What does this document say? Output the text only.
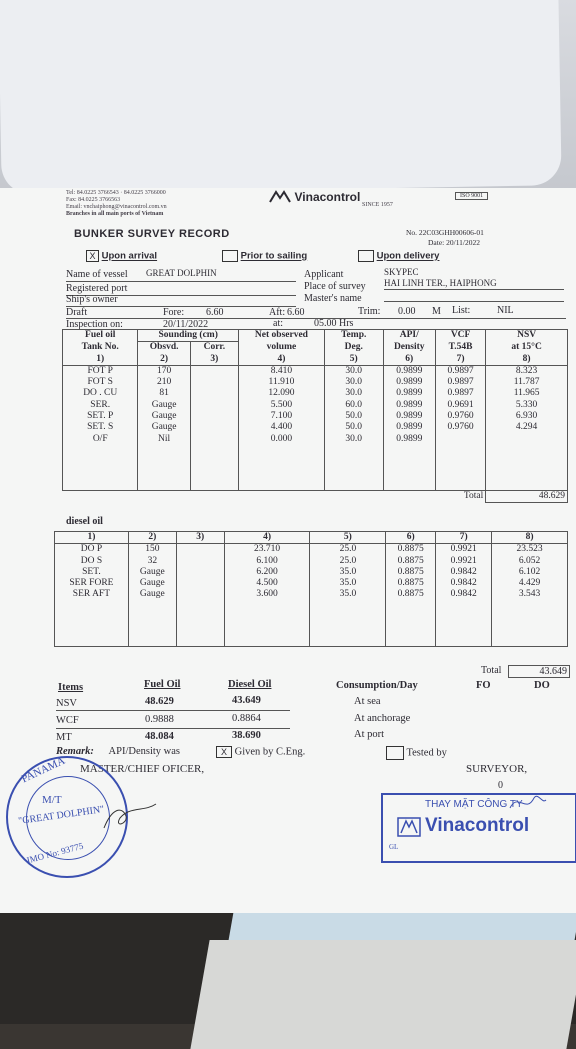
Tel: 84.0225 3766543 · 84.0225 3766000
Fax: 84.0225 3766563
Email: vnchaiphong@vinacontrol.com.vn
Branches in all main ports of Vietnam
Vinacontrol
SINCE 1957
ISO 9001
BUNKER SURVEY RECORD	No. 22C03GHH00606-01
Date: 20/11/2022
X Upon arrival	Prior to sailing	Upon delivery
Name of vessel GREAT DOLPHIN
Registered port
Ship's owner
Draft	Fore: 6.60	Aft: 6.60	Trim: 0.00 M List:	NIL
Inspection on:	20/11/2022	at:	05.00 Hrs
Applicant	SKYPEC
Place of survey HAI LINH TER., HAIPHONG
Master's name
Fuel oil	Sounding (cm)		Net observed	Temp.	API/	VCF	NSV
Tank No.	Obsvd.	Corr.	volume	Deg.	Density	T.54B	at 15°C
1)	2)	3)	4)	5)	6)	7)	8)
FOT P	170		8.410	30.0	0.9899	0.9897	8.323
FOT S	210		11.910	30.0	0.9899	0.9897	11.787
DO . CU	81		12.090	30.0	0.9899	0.9897	11.965
SER.	Gauge		5.500	60.0	0.9899	0.9691	5.330
SET. P	Gauge		7.100	50.0	0.9899	0.9760	6.930
SET. S	Gauge		4.400	50.0	0.9899	0.9760	4.294
O/F	Nil		0.000	30.0	0.9899		

Total							48.629
diesel oil
1)	2)	3)	4)	5)	6)	7)	8)
DO P	150		23.710	25.0	0.8875	0.9921	23.523
DO S	32		6.100	25.0	0.8875	0.9921	6.052
SET.	Gauge		6.200	35.0	0.8875	0.9842	6.102
SER FORE	Gauge		4.500	35.0	0.8875	0.9842	4.429
SER AFT	Gauge		3.600	35.0	0.8875	0.9842	3.543

Total	43.649
Items	Fuel Oil	Diesel Oil
NSV	48.629	43.649
WCF	0.9888	0.8864
MT	48.084	38.690
Consumption/Day	FO	DO
At sea
At anchorage
At port
Remark: API/Density was	X Given by C.Eng.	Tested by
MASTER/CHIEF OFICER,	SURVEYOR,
0
PANAMA
M/T
"GREAT DOLPHIN"
IMO No: 93775
THAY MẶT CÔNG TY
Vinacontrol
GL
